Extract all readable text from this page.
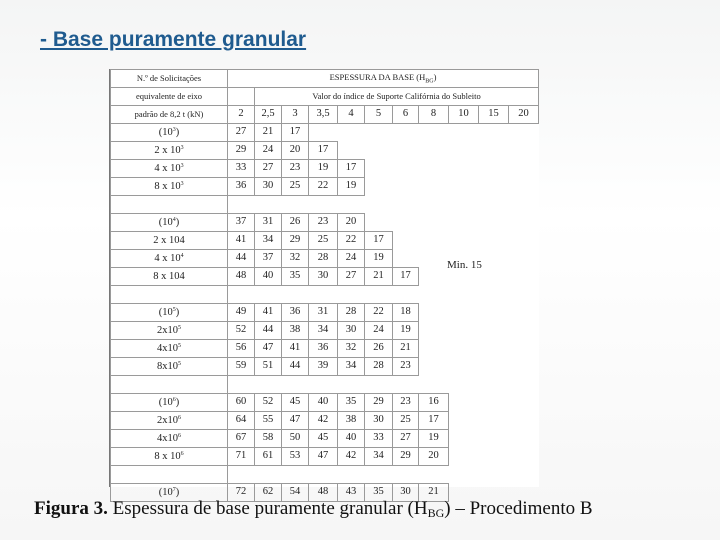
- Base puramente granular
N.º de Solicitações	ESPESSURA DA BASE $(H_{BG})$										
equivalente de eixo		Valor do índice de Suporte Califórnia do Subleito									
padrão de 8,2 t (kN)	2	2,5	3	3,5	4	5	6	8	10	15	20
$(10^3)$	27	21	17								
2 x $10^3$	29	24	20	17							
4 x $10^3$	33	27	23	19	17						
8 x $10^3$	36	30	25	22	19						

$(10^4)$	37	31	26	23	20						
2 x 104	41	34	29	25	22	17					
4 x $10^4$	44	37	32	28	24	19					
8 x 104	48	40	35	30	27	21	17				

$(10^5)$	49	41	36	31	28	22	18				
$2x10^5$	52	44	38	34	30	24	19				
$4x10^5$	56	47	41	36	32	26	21				
$8x10^5$	59	51	44	39	34	28	23				

$(10^6)$	60	52	45	40	35	29	23	16			
$2x10^6$	64	55	47	42	38	30	25	17			
$4x10^6$	67	58	50	45	40	33	27	19			
8 x $10^6$	71	61	53	47	42	34	29	20			

$(10^7)$	72	62	54	48	43	35	30	21			
Min. 15
Figura 3. Espessura de base puramente granular $(H_{BG})$ – Procedimento B
